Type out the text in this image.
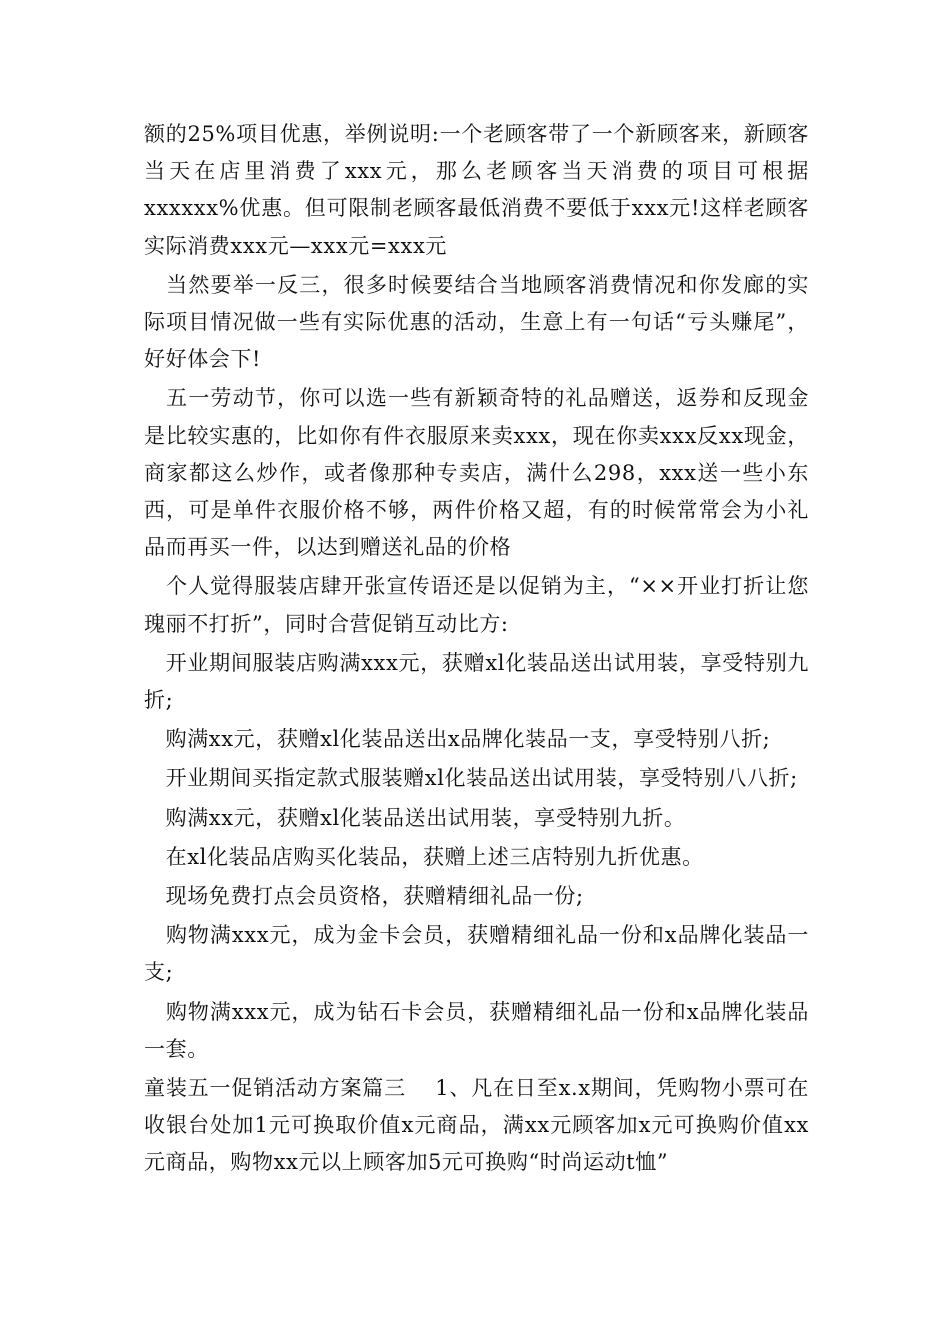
额的25%项目优惠，举例说明:一个老顾客带了一个新顾客来，新顾客当天在店里消费了xxx元，那么老顾客当天消费的项目可根据xxxxxx%优惠。但可限制老顾客最低消费不要低于xxx元!这样老顾客实际消费xxx元—xxx元=xxx元

　当然要举一反三，很多时候要结合当地顾客消费情况和你发廊的实际项目情况做一些有实际优惠的活动，生意上有一句话“亏头赚尾”，好好体会下!

　五一劳动节，你可以选一些有新颖奇特的礼品赠送，返券和反现金是比较实惠的，比如你有件衣服原来卖xxx，现在你卖xxx反xx现金，商家都这么炒作，或者像那种专卖店，满什么298，xxx送一些小东西，可是单件衣服价格不够，两件价格又超，有的时候常常会为小礼品而再买一件，以达到赠送礼品的价格

　个人觉得服装店肆开张宣传语还是以促销为主，“××开业打折让您瑰丽不打折”，同时合营促销互动比方:

　开业期间服装店购满xxx元，获赠xl化装品送出试用装，享受特别九折;

　购满xx元，获赠xl化装品送出x品牌化装品一支，享受特别八折;

　开业期间买指定款式服装赠xl化装品送出试用装，享受特别八八折;

　购满xx元，获赠xl化装品送出试用装，享受特别九折。

　在xl化装品店购买化装品，获赠上述三店特别九折优惠。

　现场免费打点会员资格，获赠精细礼品一份;

　购物满xxx元，成为金卡会员，获赠精细礼品一份和x品牌化装品一支;

　购物满xxx元，成为钻石卡会员，获赠精细礼品一份和x品牌化装品一套。

童装五一促销活动方案篇三　 1、凡在日至x.x期间，凭购物小票可在收银台处加1元可换取价值x元商品，满xx元顾客加x元可换购价值xx元商品，购物xx元以上顾客加5元可换购“时尚运动t恤”
